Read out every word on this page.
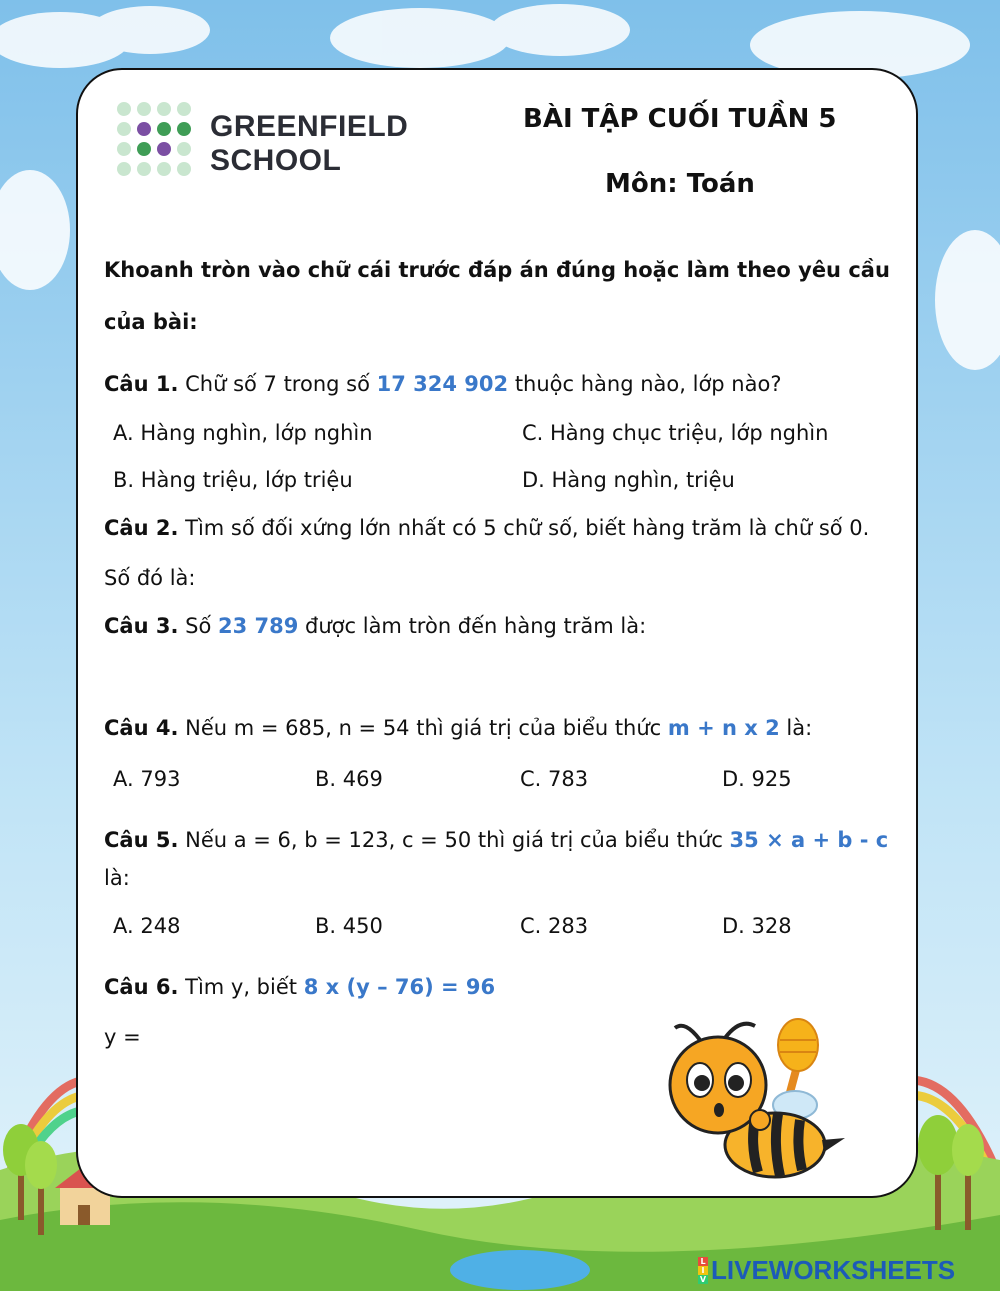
GREENFIELD
SCHOOL
BÀI TẬP CUỐI TUẦN 5
Môn: Toán
Khoanh tròn vào chữ cái trước đáp án đúng hoặc làm theo yêu cầu
của bài:
Câu 1. Chữ số 7 trong số 17 324 902 thuộc hàng nào, lớp nào?
A. Hàng nghìn, lớp nghìn	C. Hàng chục triệu, lớp nghìn
B. Hàng triệu, lớp triệu	D. Hàng nghìn, triệu
Câu 2. Tìm số đối xứng lớn nhất có 5 chữ số, biết hàng trăm là chữ số 0.
Số đó là:
Câu 3. Số 23 789 được làm tròn đến hàng trăm là:
Câu 4. Nếu m = 685, n = 54 thì giá trị của biểu thức m + n x 2 là:
A. 793	B. 469	C. 783	D. 925
Câu 5. Nếu a = 6, b = 123, c = 50 thì giá trị của biểu thức 35 × a + b - c
là:
A. 248	B. 450	C. 283	D. 328
Câu 6. Tìm y, biết 8 x (y – 76) = 96
y =
L
I
V LIVEWORKSHEETS
